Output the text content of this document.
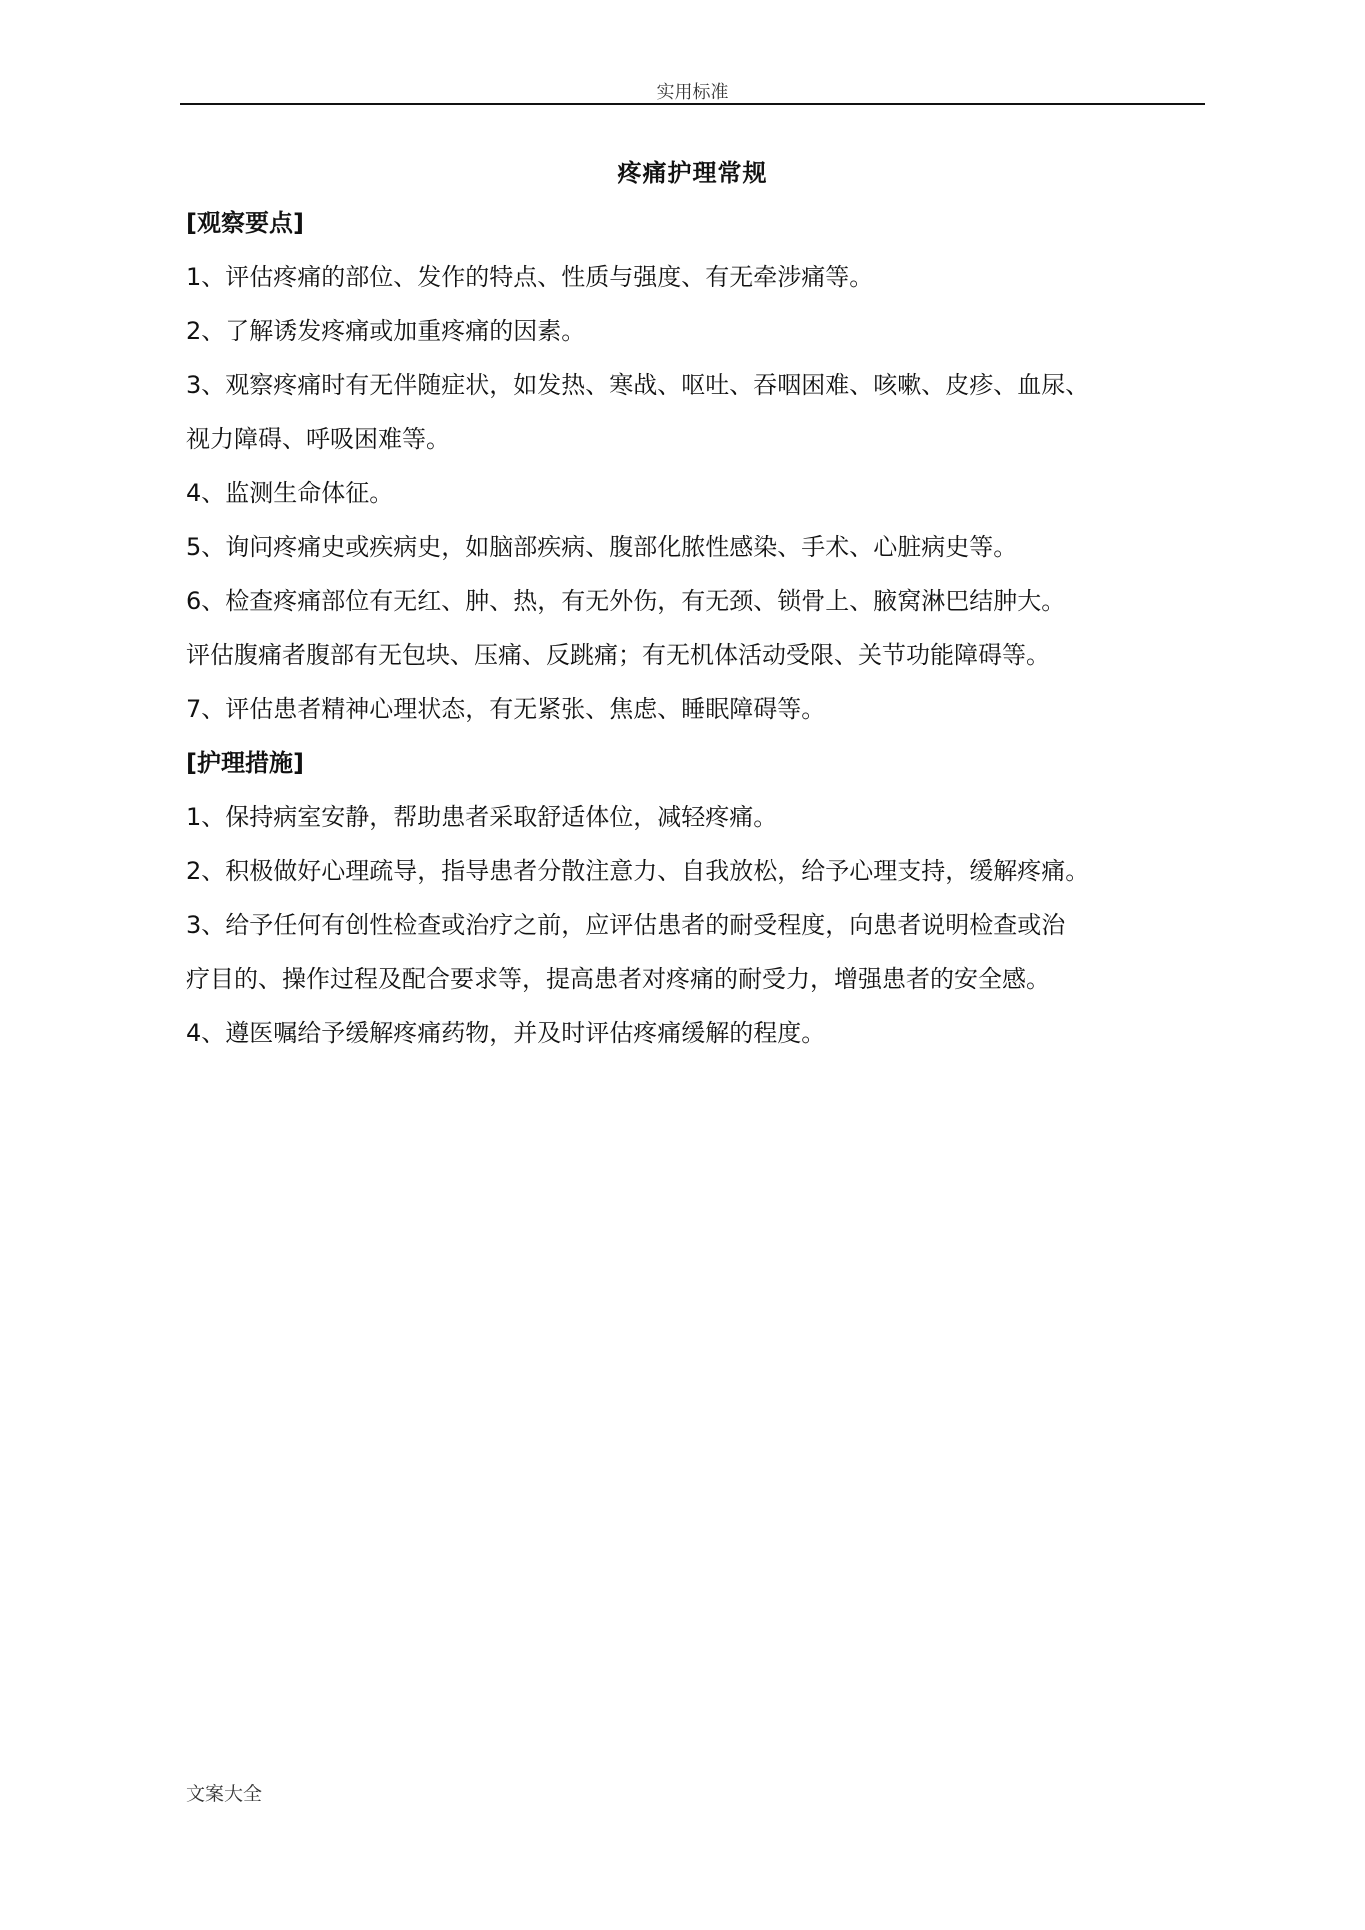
实用标准
疼痛护理常规
[观察要点]
1、评估疼痛的部位、发作的特点、性质与强度、有无牵涉痛等。
2、了解诱发疼痛或加重疼痛的因素。
3、观察疼痛时有无伴随症状，如发热、寒战、呕吐、吞咽困难、咳嗽、皮疹、血尿、
视力障碍、呼吸困难等。
4、监测生命体征。
5、询问疼痛史或疾病史，如脑部疾病、腹部化脓性感染、手术、心脏病史等。
6、检查疼痛部位有无红、肿、热，有无外伤，有无颈、锁骨上、腋窝淋巴结肿大。
评估腹痛者腹部有无包块、压痛、反跳痛；有无机体活动受限、关节功能障碍等。
7、评估患者精神心理状态，有无紧张、焦虑、睡眠障碍等。
[护理措施]
1、保持病室安静，帮助患者采取舒适体位，减轻疼痛。
2、积极做好心理疏导，指导患者分散注意力、自我放松，给予心理支持，缓解疼痛。
3、给予任何有创性检查或治疗之前，应评估患者的耐受程度，向患者说明检查或治
疗目的、操作过程及配合要求等，提高患者对疼痛的耐受力，增强患者的安全感。
4、遵医嘱给予缓解疼痛药物，并及时评估疼痛缓解的程度。
文案大全
